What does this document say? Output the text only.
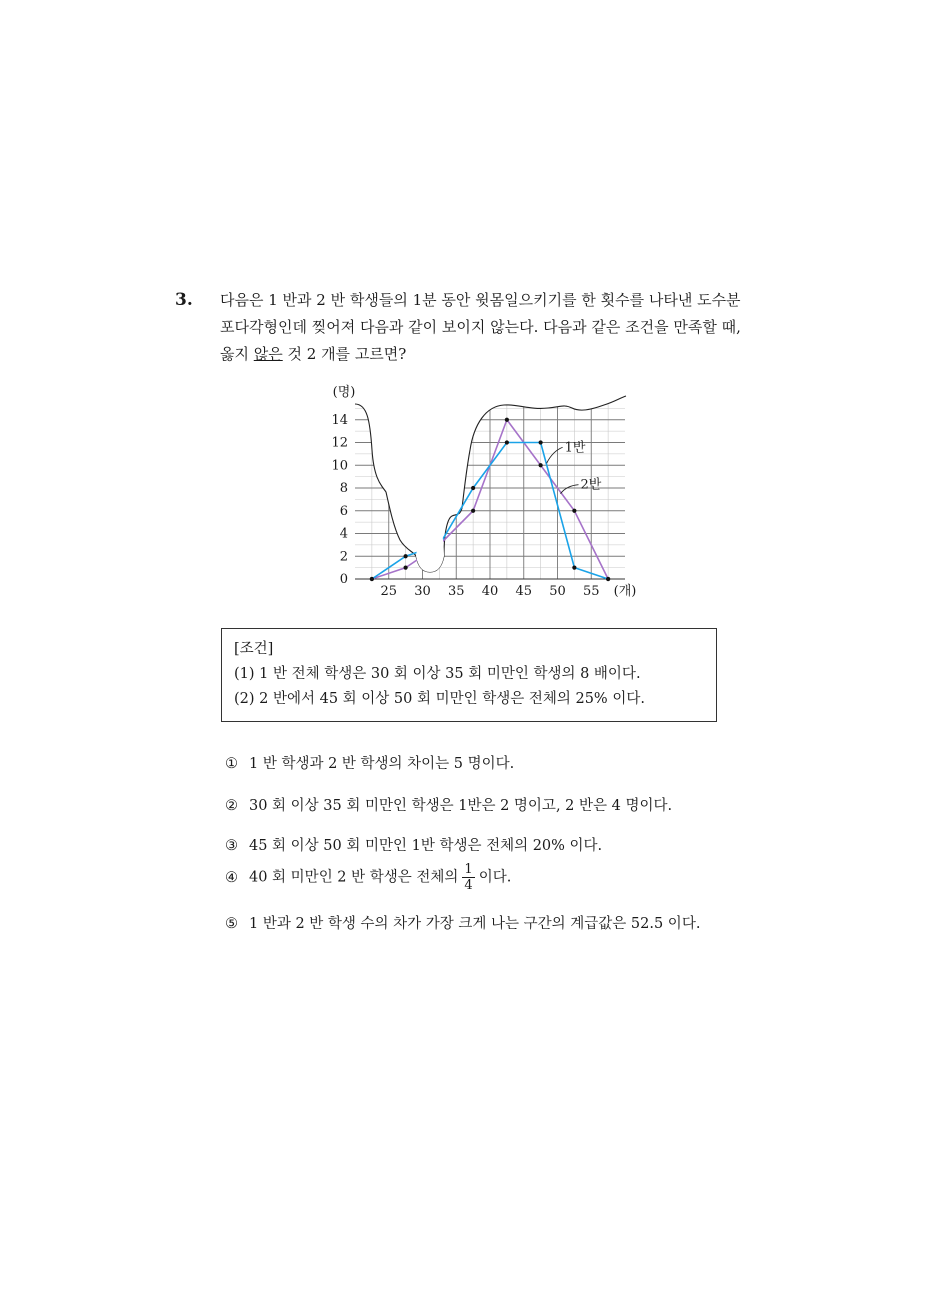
3. 다음은 1 반과 2 반 학생들의 1분 동안 윗몸일으키기를 한 횟수를 나타낸 도수분
포다각형인데 찢어져 다음과 같이 보이지 않는다. 다음과 같은 조건을 만족할 때,
옳지 않은 것 2 개를 고르면?
0
2
4
6
8
10
12
14
25 30 35 40 45 50 55
(명)
(개)
1반
2반
[조건]
(1) 1 반 전체 학생은 30 회 이상 35 회 미만인 학생의 8 배이다.
(2) 2 반에서 45 회 이상 50 회 미만인 학생은 전체의 25% 이다.
① 1 반 학생과 2 반 학생의 차이는 5 명이다.
② 30 회 이상 35 회 미만인 학생은 1반은 2 명이고, 2 반은 4 명이다.
③ 45 회 이상 50 회 미만인 1반 학생은 전체의 20% 이다.
④ 40 회 미만인 2 반 학생은 전체의 $\frac{1}{4}$ 이다.
⑤ 1 반과 2 반 학생 수의 차가 가장 크게 나는 구간의 계급값은 52.5 이다.
